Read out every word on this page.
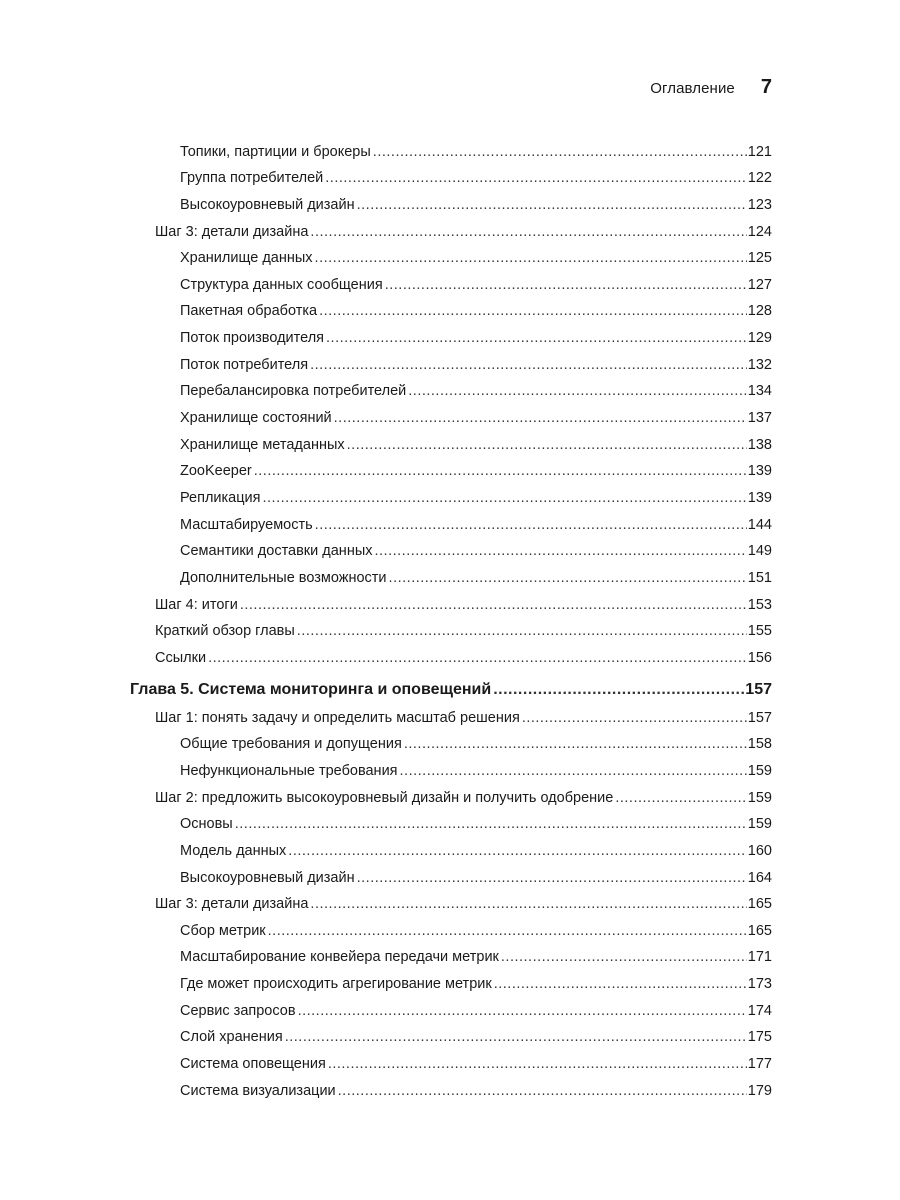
Оглавление 7
Топики, партиции и брокеры .....	121
Группа потребителей .....	122
Высокоуровневый дизайн .....	123
Шаг 3: детали дизайна .....	124
Хранилище данных .....	125
Структура данных сообщения .....	127
Пакетная обработка .....	128
Поток производителя .....	129
Поток потребителя .....	132
Перебалансировка потребителей .....	134
Хранилище состояний .....	137
Хранилище метаданных .....	138
ZooKeeper .....	139
Репликация .....	139
Масштабируемость .....	144
Семантики доставки данных .....	149
Дополнительные возможности .....	151
Шаг 4: итоги .....	153
Краткий обзор главы .....	155
Ссылки .....	156
Глава 5. Система мониторинга и оповещений .....	157
Шаг 1: понять задачу и определить масштаб решения .....	157
Общие требования и допущения .....	158
Нефункциональные требования .....	159
Шаг 2: предложить высокоуровневый дизайн и получить одобрение .....	159
Основы .....	159
Модель данных .....	160
Высокоуровневый дизайн .....	164
Шаг 3: детали дизайна .....	165
Сбор метрик .....	165
Масштабирование конвейера передачи метрик .....	171
Где может происходить агрегирование метрик .....	173
Сервис запросов .....	174
Слой хранения .....	175
Система оповещения .....	177
Система визуализации .....	179
